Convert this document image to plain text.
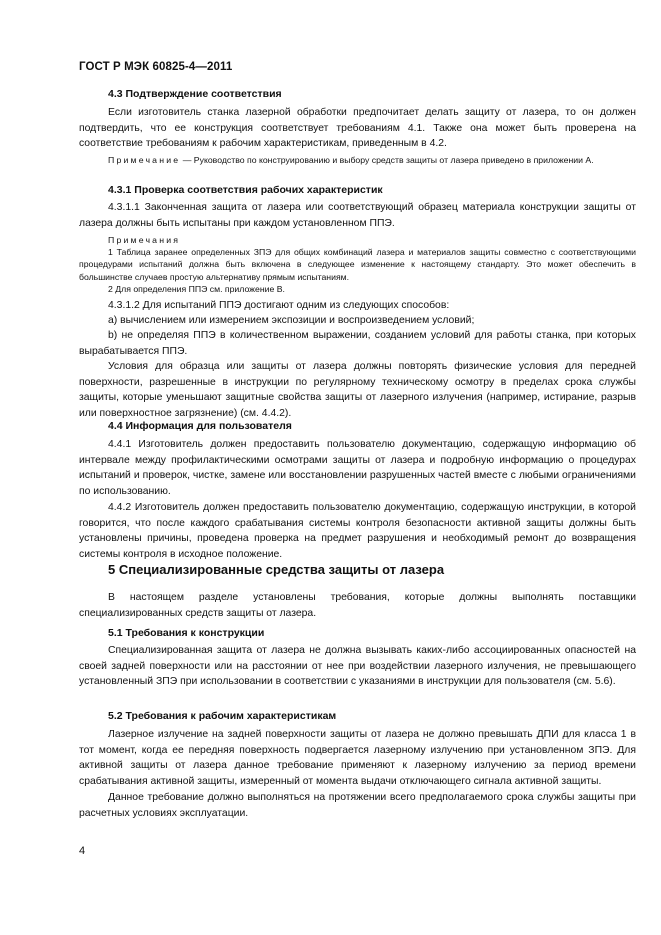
ГОСТ Р МЭК 60825-4—2011
4.3 Подтверждение соответствия
Если изготовитель станка лазерной обработки предпочитает делать защиту от лазера, то он должен подтвердить, что ее конструкция соответствует требованиям 4.1. Также она может быть проверена на соответствие требованиям к рабочим характеристикам, приведенным в 4.2.
Примечание — Руководство по конструированию и выбору средств защиты от лазера приведено в приложении А.
4.3.1 Проверка соответствия рабочих характеристик
4.3.1.1 Законченная защита от лазера или соответствующий образец материала конструкции защиты от лазера должны быть испытаны при каждом установленном ППЭ.
Примечания
1 Таблица заранее определенных ЗПЭ для общих комбинаций лазера и материалов защиты совместно с соответствующими процедурами испытаний должна быть включена в следующее изменение к настоящему стандарту. Это может обеспечить в большинстве случаев простую альтернативу прямым испытаниям.
2 Для определения ППЭ см. приложение В.
4.3.1.2 Для испытаний ППЭ достигают одним из следующих способов:
a) вычислением или измерением экспозиции и воспроизведением условий;
b) не определяя ППЭ в количественном выражении, созданием условий для работы станка, при которых вырабатывается ППЭ.
Условия для образца или защиты от лазера должны повторять физические условия для передней поверхности, разрешенные в инструкции по регулярному техническому осмотру в пределах срока службы защиты, которые уменьшают защитные свойства защиты от лазерного излучения (например, истирание, разрыв или поверхностное загрязнение) (см. 4.4.2).
4.4 Информация для пользователя
4.4.1 Изготовитель должен предоставить пользователю документацию, содержащую информацию об интервале между профилактическими осмотрами защиты от лазера и подробную информацию о процедурах испытаний и проверок, чистке, замене или восстановлении разрушенных частей вместе с любыми ограничениями по использованию.
4.4.2 Изготовитель должен предоставить пользователю документацию, содержащую инструкции, в которой говорится, что после каждого срабатывания системы контроля безопасности активной защиты должны быть установлены причины, проведена проверка на предмет разрушения и необходимый ремонт до возвращения системы контроля в исходное положение.
5 Специализированные средства защиты от лазера
В настоящем разделе установлены требования, которые должны выполнять поставщики специализированных средств защиты от лазера.
5.1 Требования к конструкции
Специализированная защита от лазера не должна вызывать каких-либо ассоциированных опасностей на своей задней поверхности или на расстоянии от нее при воздействии лазерного излучения, не превышающего установленный ЗПЭ при использовании в соответствии с указаниями в инструкции для пользователя (см. 5.6).
5.2 Требования к рабочим характеристикам
Лазерное излучение на задней поверхности защиты от лазера не должно превышать ДПИ для класса 1 в тот момент, когда ее передняя поверхность подвергается лазерному излучению при установленном ЗПЭ. Для активной защиты от лазера данное требование применяют к лазерному излучению за период времени срабатывания активной защиты, измеренный от момента выдачи отключающего сигнала активной защиты.
Данное требование должно выполняться на протяжении всего предполагаемого срока службы защиты при расчетных условиях эксплуатации.
4
